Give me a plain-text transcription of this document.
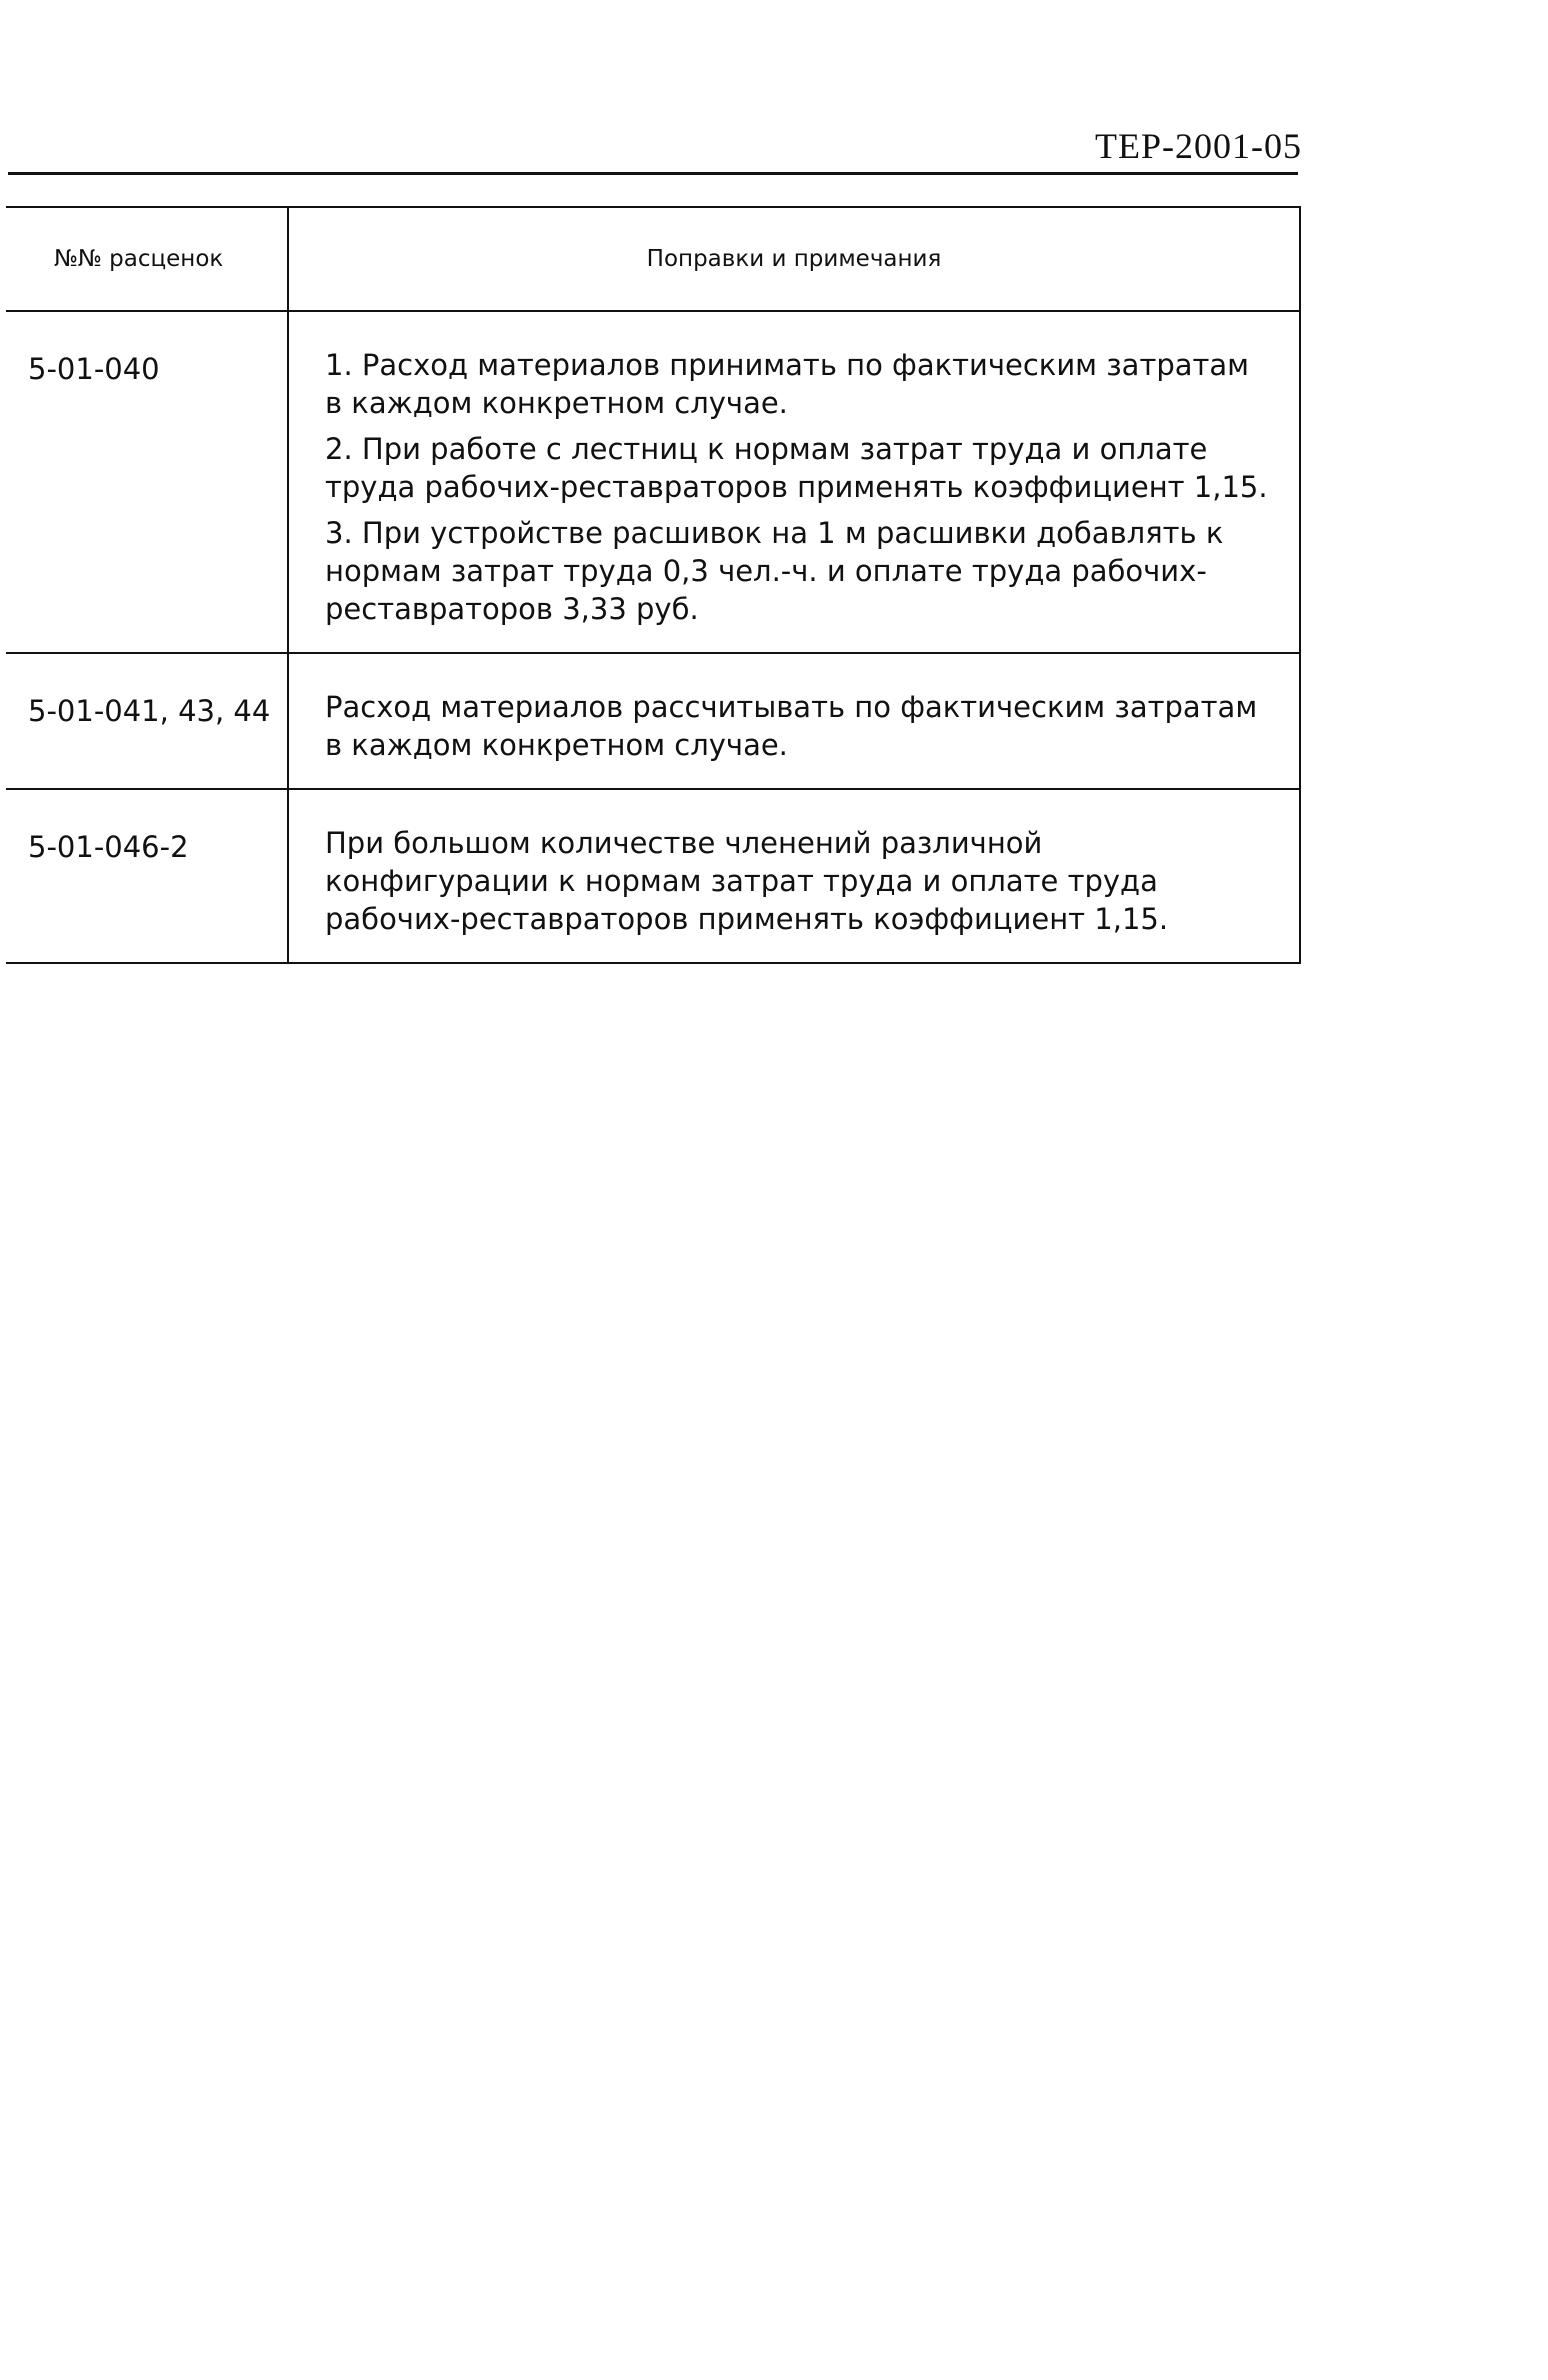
ТЕР-2001-05
№№ расценок	Поправки и примечания
5-01-040	1. Расход материалов принимать по фактическим затратам в каждом конкретном случае.

2. При работе с лестниц к нормам затрат труда и оплате труда рабочих-реставраторов применять коэффициент 1,15.

3. При устройстве расшивок на 1 м расшивки добавлять к нормам затрат труда 0,3 чел.-ч. и оплате труда рабочих-реставраторов 3,33 руб.

5-01-041, 43, 44	Расход материалов рассчитывать по фактическим затратам в каждом конкретном случае.

5-01-046-2	При большом количестве членений различной конфигурации к нормам затрат труда и оплате труда рабочих-реставраторов применять коэффициент 1,15.
